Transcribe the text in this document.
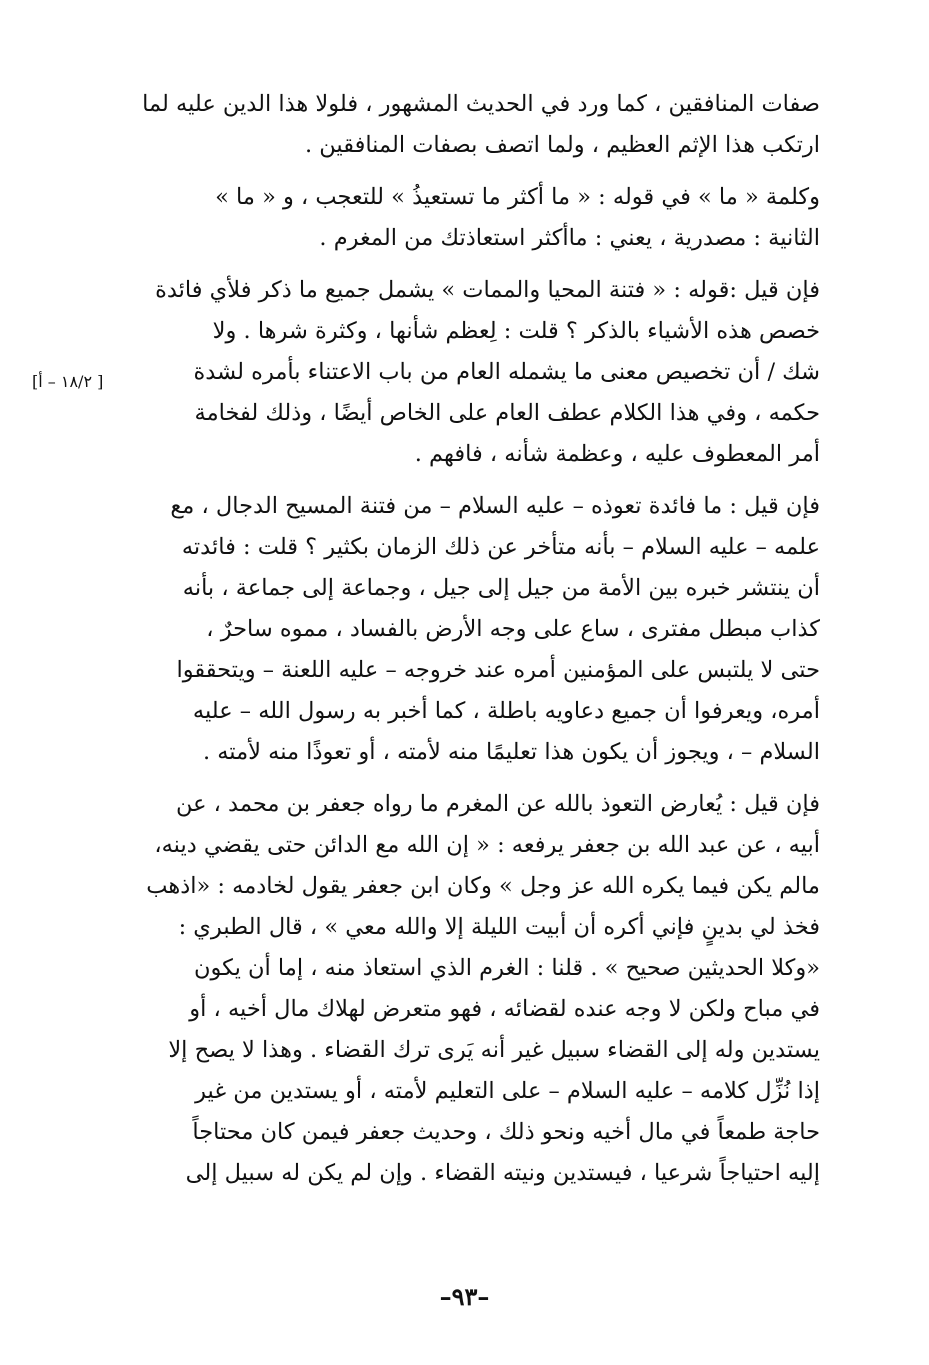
صفات المنافقين ، كما ورد في الحديث المشهور ، فلولا هذا الدين عليه لما
ارتكب هذا الإثم العظيم ، ولما اتصف بصفات المنافقين .

وكلمة « ما » في قوله : « ما أكثر ما تستعيذُ » للتعجب ، و « ما »
الثانية : مصدرية ، يعني : ماأكثر استعاذتك من المغرم .

فإن قيل :قوله : « فتنة المحيا والممات » يشمل جميع ما ذكر فلأي فائدة
خصص هذه الأشياء بالذكر ؟ قلت : لِعظم شأنها ، وكثرة شرها . ولا
شك / أن تخصيص معنى ما يشمله العام من باب الاعتناء بأمره لشدة
حكمه ، وفي هذا الكلام عطف العام على الخاص أيضًا ، وذلك لفخامة
أمر المعطوف عليه ، وعظمة شأنه ، فافهم .

فإن قيل : ما فائدة تعوذه – عليه السلام – من فتنة المسيح الدجال ، مع
علمه – عليه السلام – بأنه متأخر عن ذلك الزمان بكثير ؟ قلت : فائدته
أن ينتشر خبره بين الأمة من جيل إلى جيل ، وجماعة إلى جماعة ، بأنه
كذاب مبطل مفترى ، ساع على وجه الأرض بالفساد ، مموه ساحرٌ ،
حتى لا يلتبس على المؤمنين أمره عند خروجه – عليه اللعنة – ويتحققوا
أمره، ويعرفوا أن جميع دعاويه باطلة ، كما أخبر به رسول الله – عليه
السلام – ، ويجوز أن يكون هذا تعليمًا منه لأمته ، أو تعوذًا منه لأمته .

فإن قيل : يُعارض التعوذ بالله عن المغرم ما رواه جعفر بن محمد ، عن
أبيه ، عن عبد الله بن جعفر يرفعه : « إن الله مع الدائن حتى يقضي دينه،
مالم يكن فيما يكره الله عز وجل » وكان ابن جعفر يقول لخادمه : «اذهب
فخذ لي بدينٍ فإني أكره أن أبيت الليلة إلا والله معي » ، قال الطبري :
«وكلا الحديثين صحيح » . قلنا : الغرم الذي استعاذ منه ، إما أن يكون
في مباح ولكن لا وجه عنده لقضائه ، فهو متعرض لهلاك مال أخيه ، أو
يستدين وله إلى القضاء سبيل غير أنه يَرى ترك القضاء . وهذا لا يصح إلا
إذا نُزِّل كلامه – عليه السلام – على التعليم لأمته ، أو يستدين من غير
حاجة طمعاً في مال أخيه ونحو ذلك ، وحديث جعفر فيمن كان محتاجاً
إليه احتياجاً شرعيا ، فيستدين ونيته القضاء . وإن لم يكن له سبيل إلى

[ ١٨/٢ – أ]
–٩٣–
